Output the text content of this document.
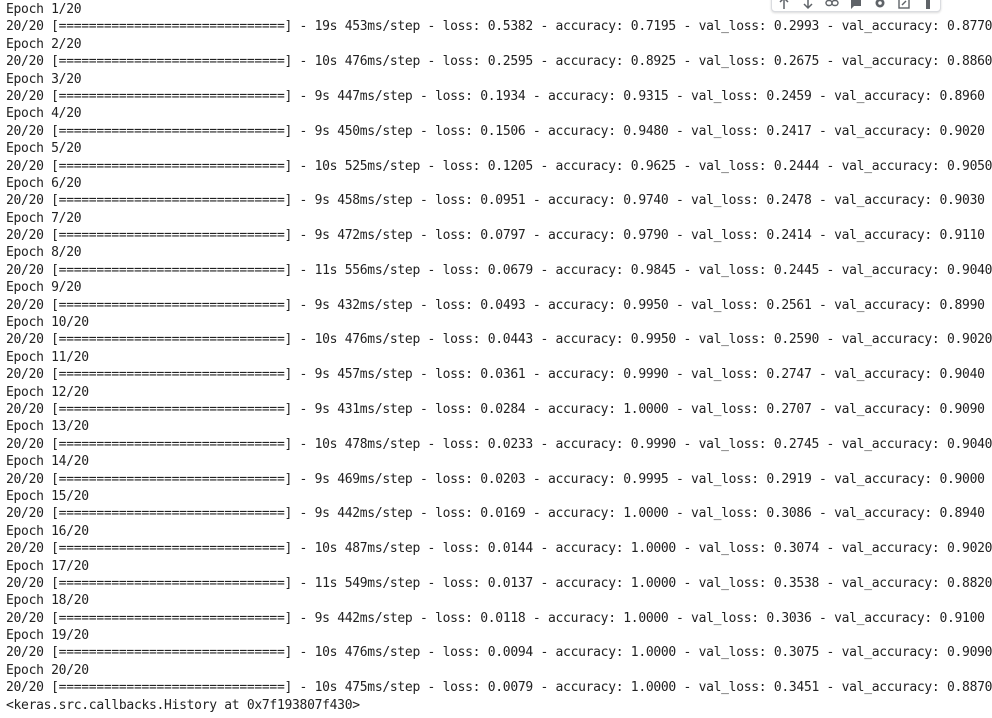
Epoch 1/20
20/20 [==============================] - 19s 453ms/step - loss: 0.5382 - accuracy: 0.7195 - val_loss: 0.2993 - val_accuracy: 0.8770
Epoch 2/20
20/20 [==============================] - 10s 476ms/step - loss: 0.2595 - accuracy: 0.8925 - val_loss: 0.2675 - val_accuracy: 0.8860
Epoch 3/20
20/20 [==============================] - 9s 447ms/step - loss: 0.1934 - accuracy: 0.9315 - val_loss: 0.2459 - val_accuracy: 0.8960
Epoch 4/20
20/20 [==============================] - 9s 450ms/step - loss: 0.1506 - accuracy: 0.9480 - val_loss: 0.2417 - val_accuracy: 0.9020
Epoch 5/20
20/20 [==============================] - 10s 525ms/step - loss: 0.1205 - accuracy: 0.9625 - val_loss: 0.2444 - val_accuracy: 0.9050
Epoch 6/20
20/20 [==============================] - 9s 458ms/step - loss: 0.0951 - accuracy: 0.9740 - val_loss: 0.2478 - val_accuracy: 0.9030
Epoch 7/20
20/20 [==============================] - 9s 472ms/step - loss: 0.0797 - accuracy: 0.9790 - val_loss: 0.2414 - val_accuracy: 0.9110
Epoch 8/20
20/20 [==============================] - 11s 556ms/step - loss: 0.0679 - accuracy: 0.9845 - val_loss: 0.2445 - val_accuracy: 0.9040
Epoch 9/20
20/20 [==============================] - 9s 432ms/step - loss: 0.0493 - accuracy: 0.9950 - val_loss: 0.2561 - val_accuracy: 0.8990
Epoch 10/20
20/20 [==============================] - 10s 476ms/step - loss: 0.0443 - accuracy: 0.9950 - val_loss: 0.2590 - val_accuracy: 0.9020
Epoch 11/20
20/20 [==============================] - 9s 457ms/step - loss: 0.0361 - accuracy: 0.9990 - val_loss: 0.2747 - val_accuracy: 0.9040
Epoch 12/20
20/20 [==============================] - 9s 431ms/step - loss: 0.0284 - accuracy: 1.0000 - val_loss: 0.2707 - val_accuracy: 0.9090
Epoch 13/20
20/20 [==============================] - 10s 478ms/step - loss: 0.0233 - accuracy: 0.9990 - val_loss: 0.2745 - val_accuracy: 0.9040
Epoch 14/20
20/20 [==============================] - 9s 469ms/step - loss: 0.0203 - accuracy: 0.9995 - val_loss: 0.2919 - val_accuracy: 0.9000
Epoch 15/20
20/20 [==============================] - 9s 442ms/step - loss: 0.0169 - accuracy: 1.0000 - val_loss: 0.3086 - val_accuracy: 0.8940
Epoch 16/20
20/20 [==============================] - 10s 487ms/step - loss: 0.0144 - accuracy: 1.0000 - val_loss: 0.3074 - val_accuracy: 0.9020
Epoch 17/20
20/20 [==============================] - 11s 549ms/step - loss: 0.0137 - accuracy: 1.0000 - val_loss: 0.3538 - val_accuracy: 0.8820
Epoch 18/20
20/20 [==============================] - 9s 442ms/step - loss: 0.0118 - accuracy: 1.0000 - val_loss: 0.3036 - val_accuracy: 0.9100
Epoch 19/20
20/20 [==============================] - 10s 476ms/step - loss: 0.0094 - accuracy: 1.0000 - val_loss: 0.3075 - val_accuracy: 0.9090
Epoch 20/20
20/20 [==============================] - 10s 475ms/step - loss: 0.0079 - accuracy: 1.0000 - val_loss: 0.3451 - val_accuracy: 0.8870
<keras.src.callbacks.History at 0x7f193807f430>
